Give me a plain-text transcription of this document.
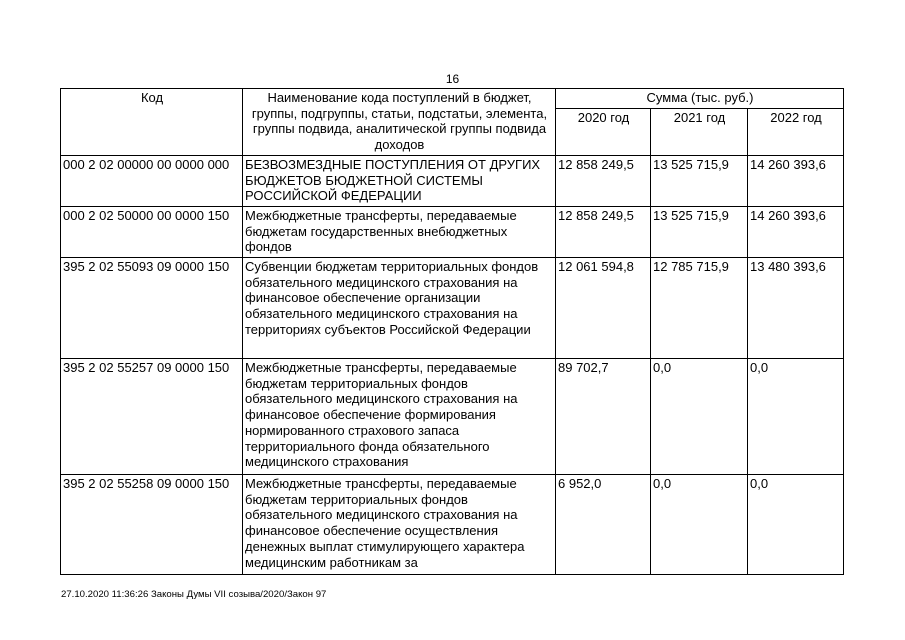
16
Код	Наименование кода поступлений в бюджет, группы, подгруппы, статьи, подстатьи, элемента, группы подвида, аналитической группы подвида доходов	Сумма (тыс. руб.)		
		2020 год	2021 год	2022 год
000 2 02 00000 00 0000 000	БЕЗВОЗМЕЗДНЫЕ ПОСТУПЛЕНИЯ ОТ ДРУГИХ БЮДЖЕТОВ БЮДЖЕТНОЙ СИСТЕМЫ РОССИЙСКОЙ ФЕДЕРАЦИИ	12 858 249,5	13 525 715,9	14 260 393,6
000 2 02 50000 00 0000 150	Межбюджетные трансферты, передаваемые бюджетам государственных внебюджетных фондов	12 858 249,5	13 525 715,9	14 260 393,6
395 2 02 55093 09 0000 150	Субвенции бюджетам территориальных фондов обязательного медицинского страхования на финансовое обеспечение организации обязательного медицинского страхования на территориях субъектов Российской Федерации	12 061 594,8	12 785 715,9	13 480 393,6
395 2 02 55257 09 0000 150	Межбюджетные трансферты, передаваемые бюджетам территориальных фондов обязательного медицинского страхования на финансовое обеспечение формирования нормированного страхового запаса территориального фонда обязательного медицинского страхования	89 702,7	0,0	0,0
395 2 02 55258 09 0000 150	Межбюджетные трансферты, передаваемые бюджетам территориальных фондов обязательного медицинского страхования на финансовое обеспечение осуществления денежных выплат стимулирующего характера медицинским работникам за	6 952,0	0,0	0,0
27.10.2020 11:36:26 Законы Думы VII созыва/2020/Закон 97
